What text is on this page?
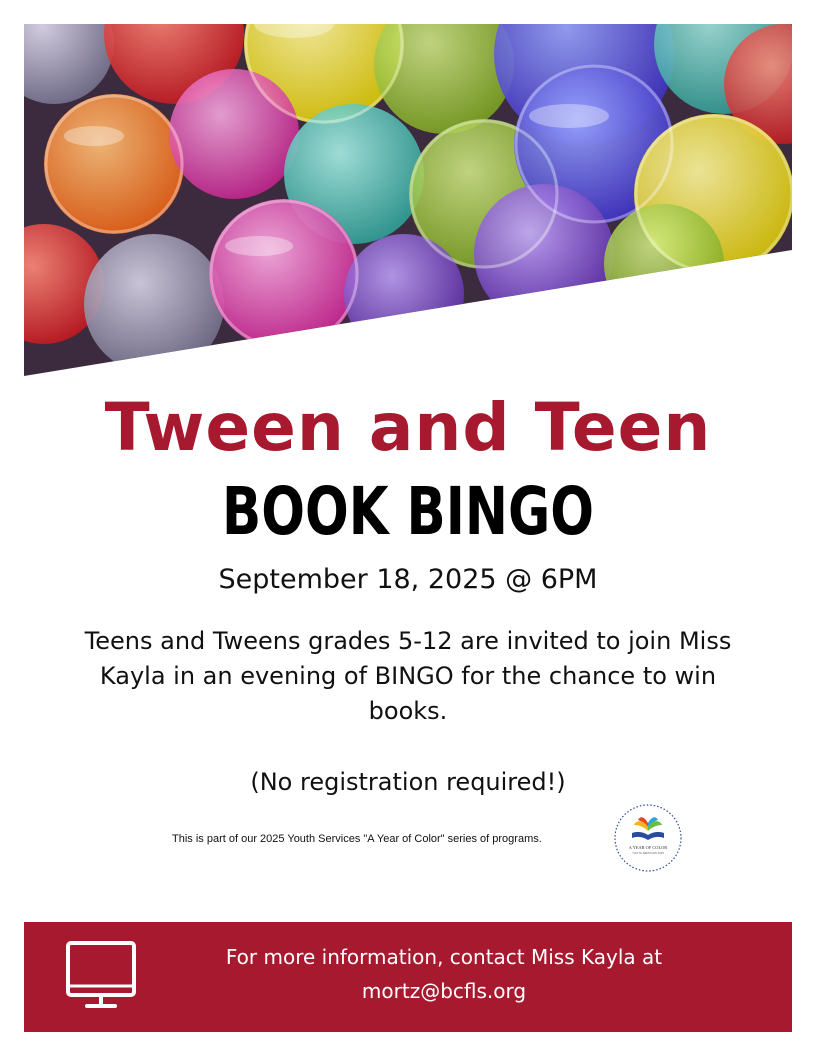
Tween and Teen
BOOK BINGO
September 18, 2025 @ 6PM
Teens and Tweens grades 5-12 are invited to join Miss Kayla in an evening of BINGO for the chance to win books.
(No registration required!)
This is part of our 2025 Youth Services "A Year of Color" series of programs.
A YEAR OF COLOR
YOUTH SERVICES 2025
For more information, contact Miss Kayla at
mortz@bcfls.org
